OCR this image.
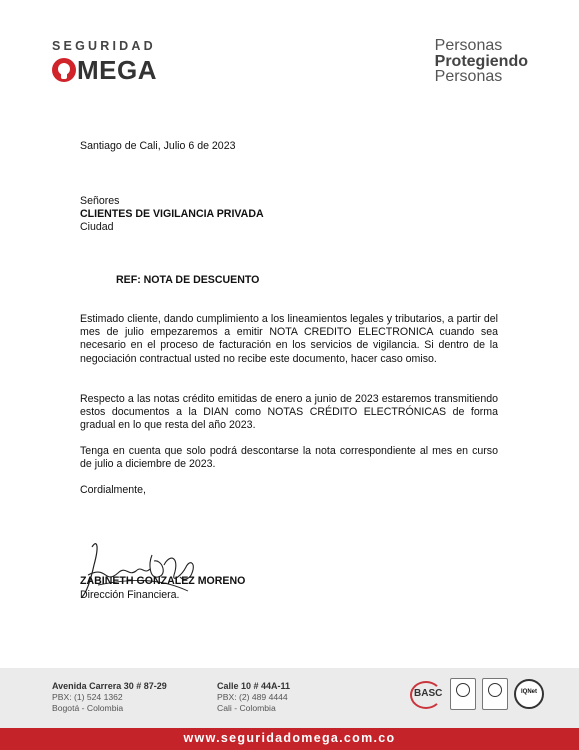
SEGURIDAD
MEGA
Personas
Protegiendo
Personas
Santiago de Cali, Julio 6 de 2023
Señores
CLIENTES DE VIGILANCIA PRIVADA
Ciudad
REF: NOTA DE DESCUENTO
Estimado cliente, dando cumplimiento a los lineamientos legales y tributarios, a partir del mes de julio empezaremos a emitir NOTA CREDITO ELECTRONICA cuando sea necesario en el proceso de facturación en los servicios de vigilancia. Si dentro de la negociación contractual usted no recibe este documento, hacer caso omiso.
Respecto a las notas crédito emitidas de enero a junio de 2023 estaremos transmitiendo estos documentos a la DIAN como NOTAS CRÉDITO ELECTRÓNICAS de forma gradual en lo que resta del año 2023.
Tenga en cuenta que solo podrá descontarse la nota correspondiente al mes en curso de julio a diciembre de 2023.
Cordialmente,
ZABINETH GONZALEZ MORENO
Dirección Financiera.
Avenida Carrera 30 # 87-29
PBX: (1) 524 1362
Bogotá - Colombia
Calle 10 # 44A-11
PBX: (2) 489 4444
Cali - Colombia
BASC	IQNet
www.seguridadomega.com.co
